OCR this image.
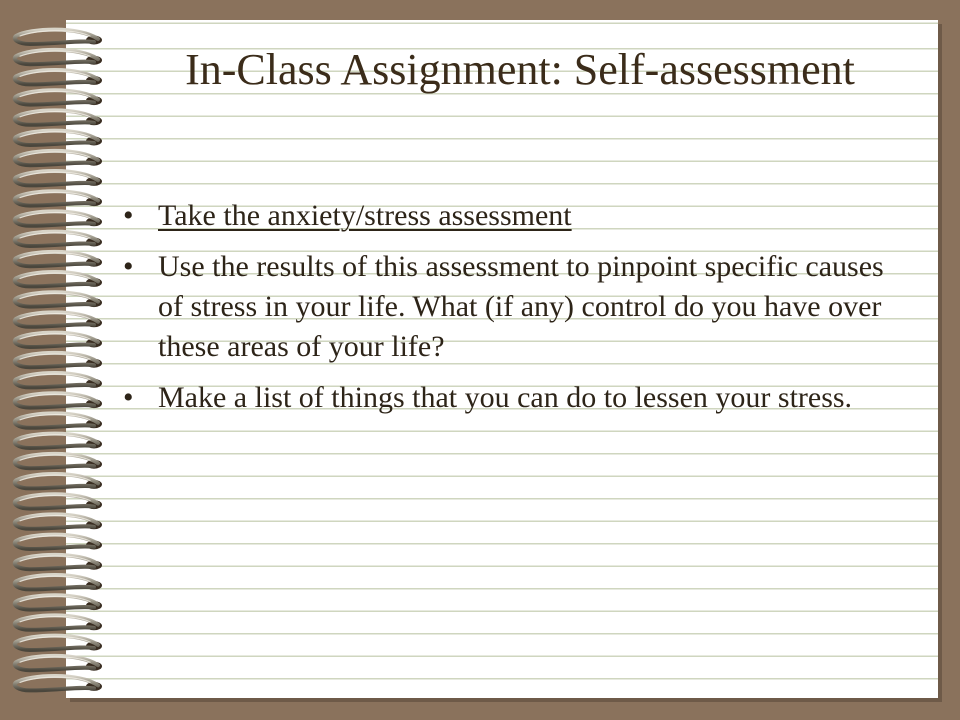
In-Class Assignment: Self-assessment
• Take the anxiety/stress assessment
• Use the results of this assessment to pinpoint specific causes of stress in your life. What (if any) control do you have over these areas of your life?
• Make a list of things that you can do to lessen your stress.
